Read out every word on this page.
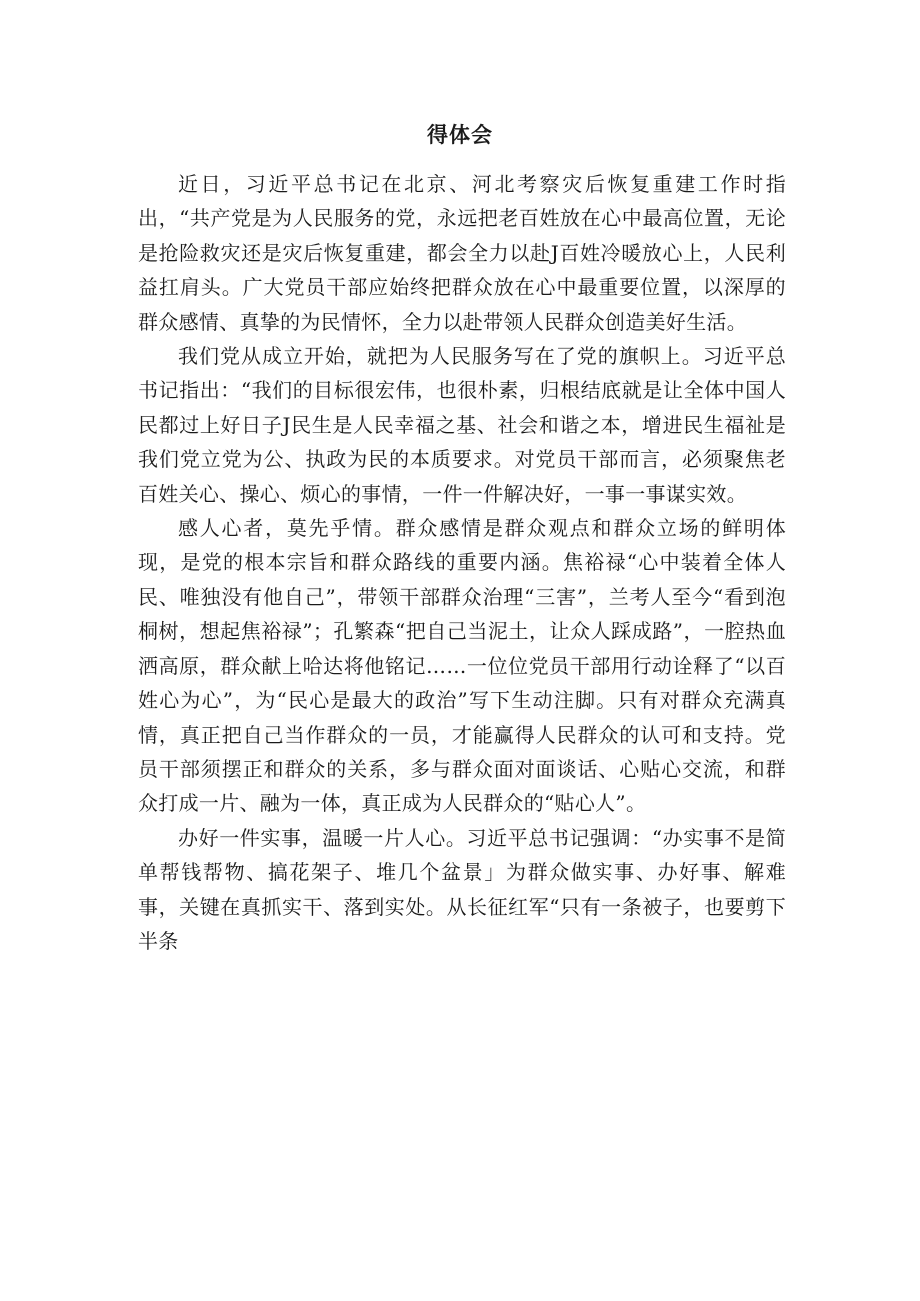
得体会

近日，习近平总书记在北京、河北考察灾后恢复重建工作时指出，“共产党是为人民服务的党，永远把老百姓放在心中最高位置，无论是抢险救灾还是灾后恢复重建，都会全力以赴J百姓冷暖放心上，人民利益扛肩头。广大党员干部应始终把群众放在心中最重要位置，以深厚的群众感情、真挚的为民情怀，全力以赴带领人民群众创造美好生活。

我们党从成立开始，就把为人民服务写在了党的旗帜上。习近平总书记指出：“我们的目标很宏伟，也很朴素，归根结底就是让全体中国人民都过上好日子J民生是人民幸福之基、社会和谐之本，增进民生福祉是我们党立党为公、执政为民的本质要求。对党员干部而言，必须聚焦老百姓关心、操心、烦心的事情，一件一件解决好，一事一事谋实效。

感人心者，莫先乎情。群众感情是群众观点和群众立场的鲜明体现，是党的根本宗旨和群众路线的重要内涵。焦裕禄“心中装着全体人民、唯独没有他自己”，带领干部群众治理“三害”，兰考人至今“看到泡桐树，想起焦裕禄”；孔繁森“把自己当泥土，让众人踩成路”，一腔热血洒高原，群众献上哈达将他铭记……一位位党员干部用行动诠释了“以百姓心为心”，为“民心是最大的政治”写下生动注脚。只有对群众充满真情，真正把自己当作群众的一员，才能赢得人民群众的认可和支持。党员干部须摆正和群众的关系，多与群众面对面谈话、心贴心交流，和群众打成一片、融为一体，真正成为人民群众的“贴心人”。

办好一件实事，温暖一片人心。习近平总书记强调：“办实事不是简单帮钱帮物、搞花架子、堆几个盆景」为群众做实事、办好事、解难事，关键在真抓实干、落到实处。从长征红军“只有一条被子，也要剪下半条
